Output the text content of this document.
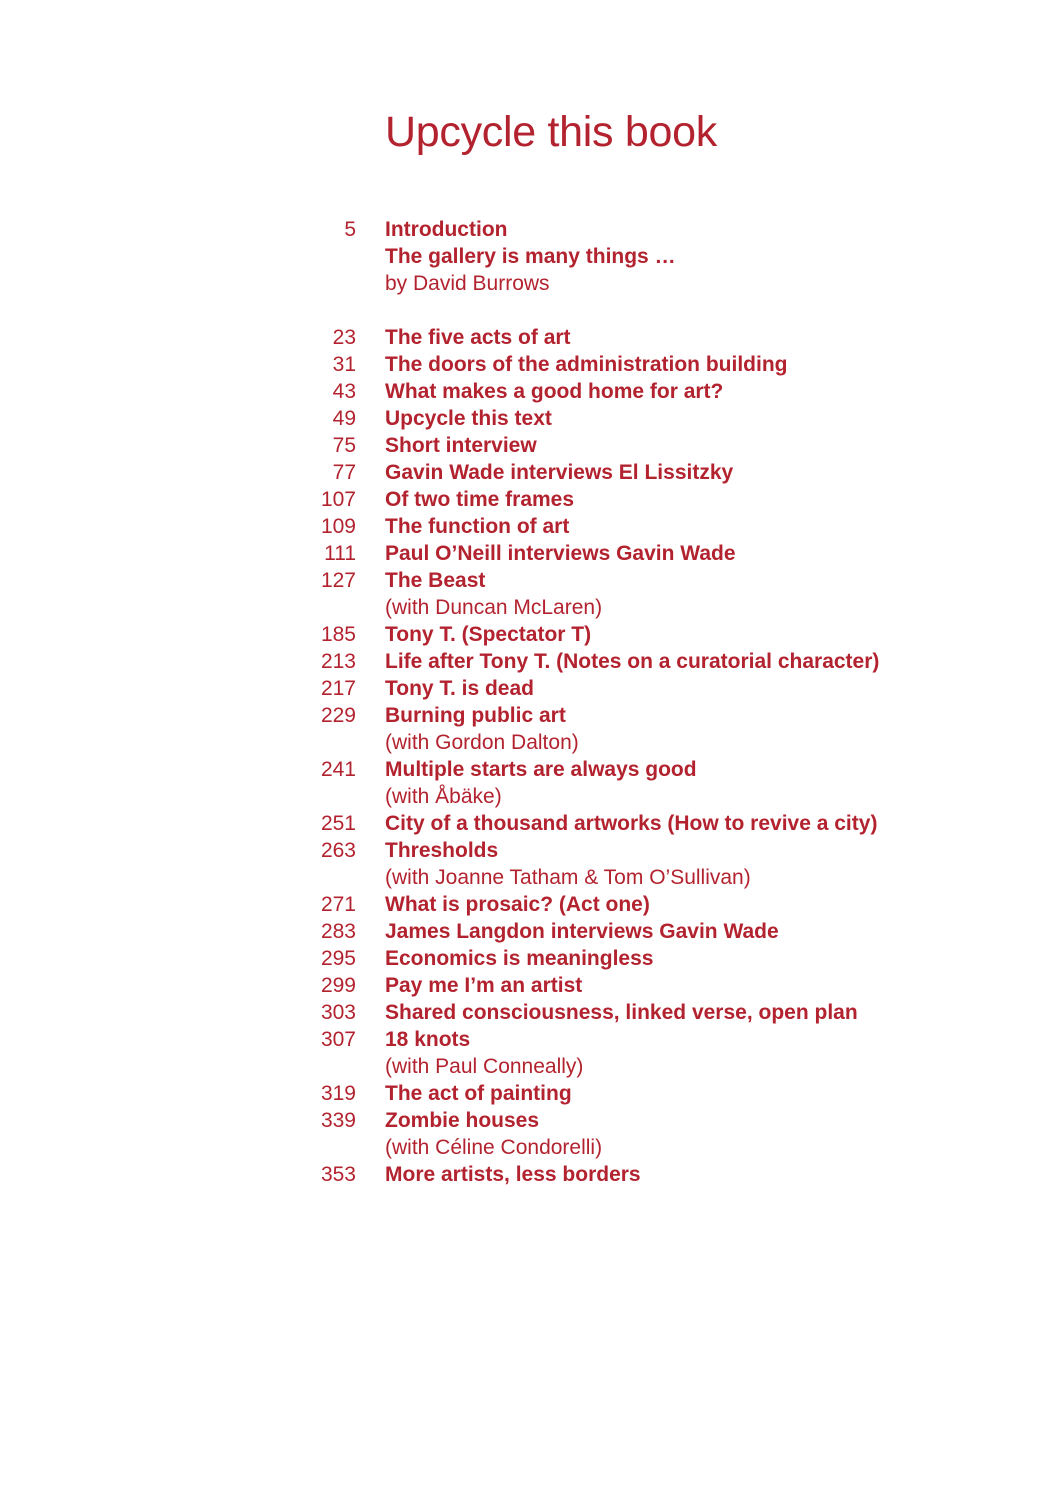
Upcycle this book
5 Introduction
The gallery is many things …
by David Burrows
23 The five acts of art
31 The doors of the administration building
43 What makes a good home for art?
49 Upcycle this text
75 Short interview
77 Gavin Wade interviews El Lissitzky
107 Of two time frames
109 The function of art
111 Paul O’Neill interviews Gavin Wade
127 The Beast
(with Duncan McLaren)
185 Tony T. (Spectator T)
213 Life after Tony T. (Notes on a curatorial character)
217 Tony T. is dead
229 Burning public art
(with Gordon Dalton)
241 Multiple starts are always good
(with Åbäke)
251 City of a thousand artworks (How to revive a city)
263 Thresholds
(with Joanne Tatham & Tom O’Sullivan)
271 What is prosaic? (Act one)
283 James Langdon interviews Gavin Wade
295 Economics is meaningless
299 Pay me I’m an artist
303 Shared consciousness, linked verse, open plan
307 18 knots
(with Paul Conneally)
319 The act of painting
339 Zombie houses
(with Céline Condorelli)
353 More artists, less borders
